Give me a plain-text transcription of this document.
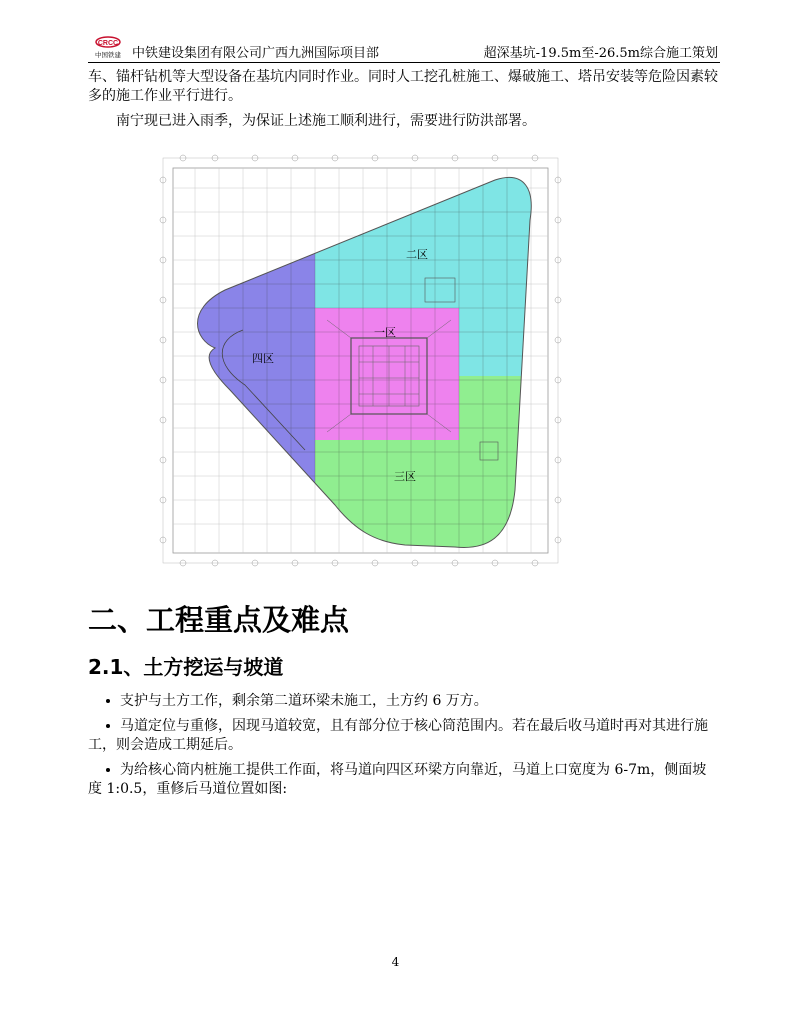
CRCC
中国铁建 中铁建设集团有限公司广西九洲国际项目部	超深基坑-19.5m至-26.5m综合施工策划

车、锚杆钻机等大型设备在基坑内同时作业。同时人工挖孔桩施工、爆破施工、塔吊安装等危险因素较多的施工作业平行进行。

南宁现已进入雨季，为保证上述施工顺利进行，需要进行防洪部署。

一区
二区
三区
四区
二、工程重点及难点
2.1、土方挖运与坡道
支护与土方工作，剩余第二道环梁未施工，土方约 6 万方。
马道定位与重修，因现马道较宽，且有部分位于核心筒范围内。若在最后收马道时再对其进行施工，则会造成工期延后。
为给核心筒内桩施工提供工作面，将马道向四区环梁方向靠近，马道上口宽度为 6-7m，侧面坡度 1:0.5，重修后马道位置如图:
4
